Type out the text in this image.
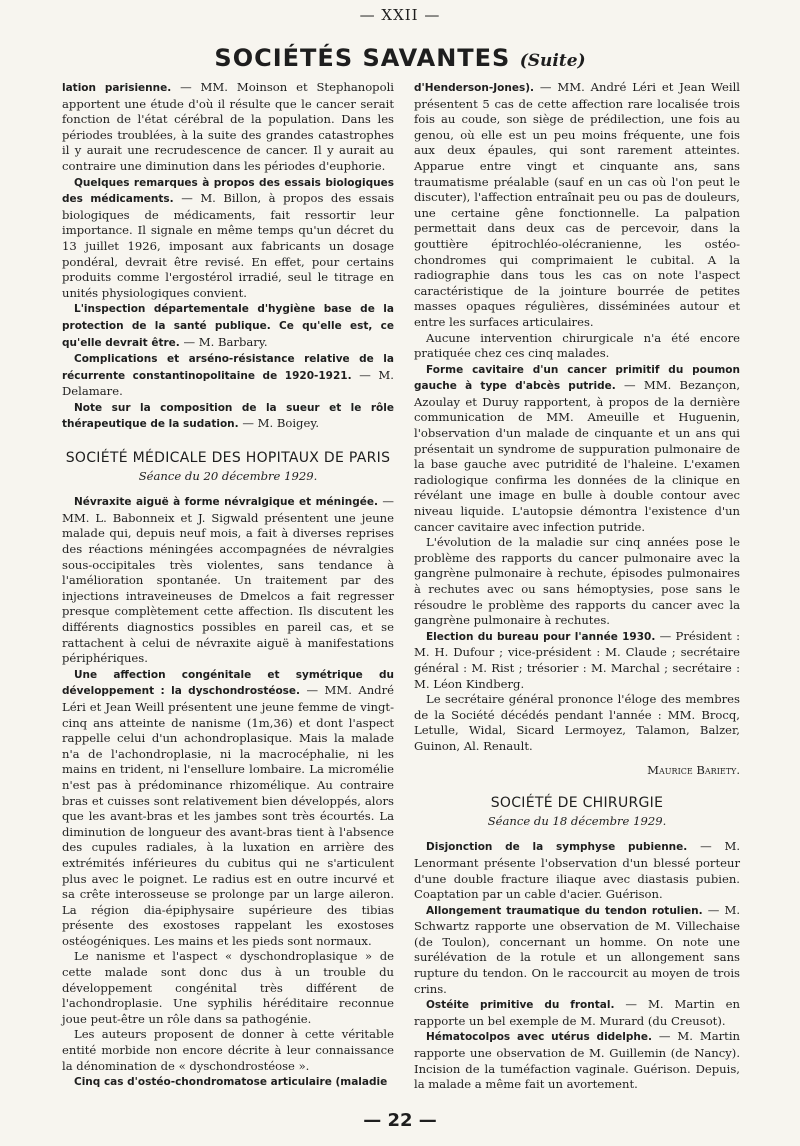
— XXII —
SOCIÉTÉS SAVANTES (Suite)

lation parisienne. — MM. Moinson et Stephanopoli apportent une étude d'où il résulte que le cancer serait fonction de l'état cérébral de la population. Dans les périodes troublées, à la suite des grandes catastrophes il y aurait une recrudescence de cancer. Il y aurait au contraire une diminution dans les périodes d'euphorie.

Quelques remarques à propos des essais biologiques des médicaments. — M. Billon, à propos des essais biologiques de médicaments, fait ressortir leur importance. Il signale en même temps qu'un décret du 13 juillet 1926, imposant aux fabricants un dosage pondéral, devrait être revisé. En effet, pour certains produits comme l'ergostérol irradié, seul le titrage en unités physiologiques convient.

L'inspection départementale d'hygiène base de la protection de la santé publique. Ce qu'elle est, ce qu'elle devrait être. — M. Barbary.

Complications et arséno-résistance relative de la récurrente constantinopolitaine de 1920-1921. — M. Delamare.

Note sur la composition de la sueur et le rôle thérapeutique de la sudation. — M. Boigey.

SOCIÉTÉ MÉDICALE DES HOPITAUX DE PARIS
Séance du 20 décembre 1929.

Névraxite aiguë à forme névralgique et méningée. — MM. L. Babonneix et J. Sigwald présentent une jeune malade qui, depuis neuf mois, a fait à diverses reprises des réactions méningées accompagnées de névralgies sous-occipitales très violentes, sans tendance à l'amélioration spontanée. Un traitement par des injections intraveineuses de Dmelcos a fait regresser presque complètement cette affection. Ils discutent les différents diagnostics possibles en pareil cas, et se rattachent à celui de névraxite aiguë à manifestations périphériques.

Une affection congénitale et symétrique du développement : la dyschondrostéose. — MM. André Léri et Jean Weill présentent une jeune femme de vingt-cinq ans atteinte de nanisme (1m,36) et dont l'aspect rappelle celui d'un achondroplasique. Mais la malade n'a de l'achondroplasie, ni la macrocéphalie, ni les mains en trident, ni l'ensellure lombaire. La micromélie n'est pas à prédominance rhizomélique. Au contraire bras et cuisses sont relativement bien développés, alors que les avant-bras et les jambes sont très écourtés. La diminution de longueur des avant-bras tient à l'absence des cupules radiales, à la luxation en arrière des extrémités inférieures du cubitus qui ne s'articulent plus avec le poignet. Le radius est en outre incurvé et sa crête interosseuse se prolonge par un large aileron. La région dia-épiphysaire supérieure des tibias présente des exostoses rappelant les exostoses ostéogéniques. Les mains et les pieds sont normaux.

Le nanisme et l'aspect « dyschondroplasique » de cette malade sont donc dus à un trouble du développement congénital très différent de l'achondroplasie. Une syphilis héréditaire reconnue joue peut-être un rôle dans sa pathogénie.

Les auteurs proposent de donner à cette véritable entité morbide non encore décrite à leur connaissance la dénomination de « dyschondrostéose ».

Cinq cas d'ostéo-chondromatose articulaire (maladie

d'Henderson-Jones). — MM. André Léri et Jean Weill présentent 5 cas de cette affection rare localisée trois fois au coude, son siège de prédilection, une fois au genou, où elle est un peu moins fréquente, une fois aux deux épaules, qui sont rarement atteintes. Apparue entre vingt et cinquante ans, sans traumatisme préalable (sauf en un cas où l'on peut le discuter), l'affection entraînait peu ou pas de douleurs, une certaine gêne fonctionnelle. La palpation permettait dans deux cas de percevoir, dans la gouttière épitrochléo-olécranienne, les ostéo-chondromes qui comprimaient le cubital. A la radiographie dans tous les cas on note l'aspect caractéristique de la jointure bourrée de petites masses opaques régulières, disséminées autour et entre les surfaces articulaires.

Aucune intervention chirurgicale n'a été encore pratiquée chez ces cinq malades.

Forme cavitaire d'un cancer primitif du poumon gauche à type d'abcès putride. — MM. Bezançon, Azoulay et Duruy rapportent, à propos de la dernière communication de MM. Ameuille et Huguenin, l'observation d'un malade de cinquante et un ans qui présentait un syndrome de suppuration pulmonaire de la base gauche avec putridité de l'haleine. L'examen radiologique confirma les données de la clinique en révélant une image en bulle à double contour avec niveau liquide. L'autopsie démontra l'existence d'un cancer cavitaire avec infection putride.

L'évolution de la maladie sur cinq années pose le problème des rapports du cancer pulmonaire avec la gangrène pulmonaire à rechute, épisodes pulmonaires à rechutes avec ou sans hémoptysies, pose sans le résoudre le problème des rapports du cancer avec la gangrène pulmonaire à rechutes.

Election du bureau pour l'année 1930. — Président : M. H. Dufour ; vice-président : M. Claude ; secrétaire général : M. Rist ; trésorier : M. Marchal ; secrétaire : M. Léon Kindberg.

Le secrétaire général prononce l'éloge des membres de la Société décédés pendant l'année : MM. Brocq, Letulle, Widal, Sicard Lermoyez, Talamon, Balzer, Guinon, Al. Renault.

Maurice Bariety.

SOCIÉTÉ DE CHIRURGIE
Séance du 18 décembre 1929.

Disjonction de la symphyse pubienne. — M. Lenormant présente l'observation d'un blessé porteur d'une double fracture iliaque avec diastasis pubien. Coaptation par un cable d'acier. Guérison.

Allongement traumatique du tendon rotulien. — M. Schwartz rapporte une observation de M. Villechaise (de Toulon), concernant un homme. On note une surélévation de la rotule et un allongement sans rupture du tendon. On le raccourcit au moyen de trois crins.

Ostéite primitive du frontal. — M. Martin en rapporte un bel exemple de M. Murard (du Creusot).

Hématocolpos avec utérus didelphe. — M. Martin rapporte une observation de M. Guillemin (de Nancy). Incision de la tuméfaction vaginale. Guérison. Depuis, la malade a même fait un avortement.

— 22 —
